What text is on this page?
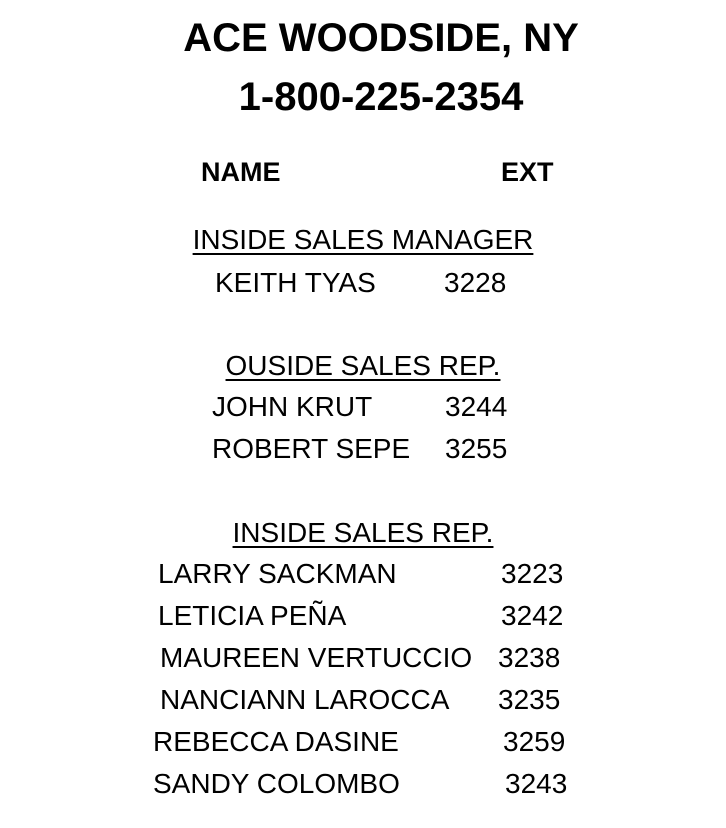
ACE WOODSIDE, NY
1-800-225-2354
NAME	EXT
INSIDE SALES MANAGER
KEITH TYAS 3228
OUSIDE SALES REP.
JOHN KRUT	3244
ROBERT SEPE 3255
INSIDE SALES REP.
LARRY SACKMAN	3223
LETICIA PEÑA	3242
MAUREEN VERTUCCIO 3238
NANCIANN LAROCCA 3235
REBECCA DASINE	3259
SANDY COLOMBO	3243
